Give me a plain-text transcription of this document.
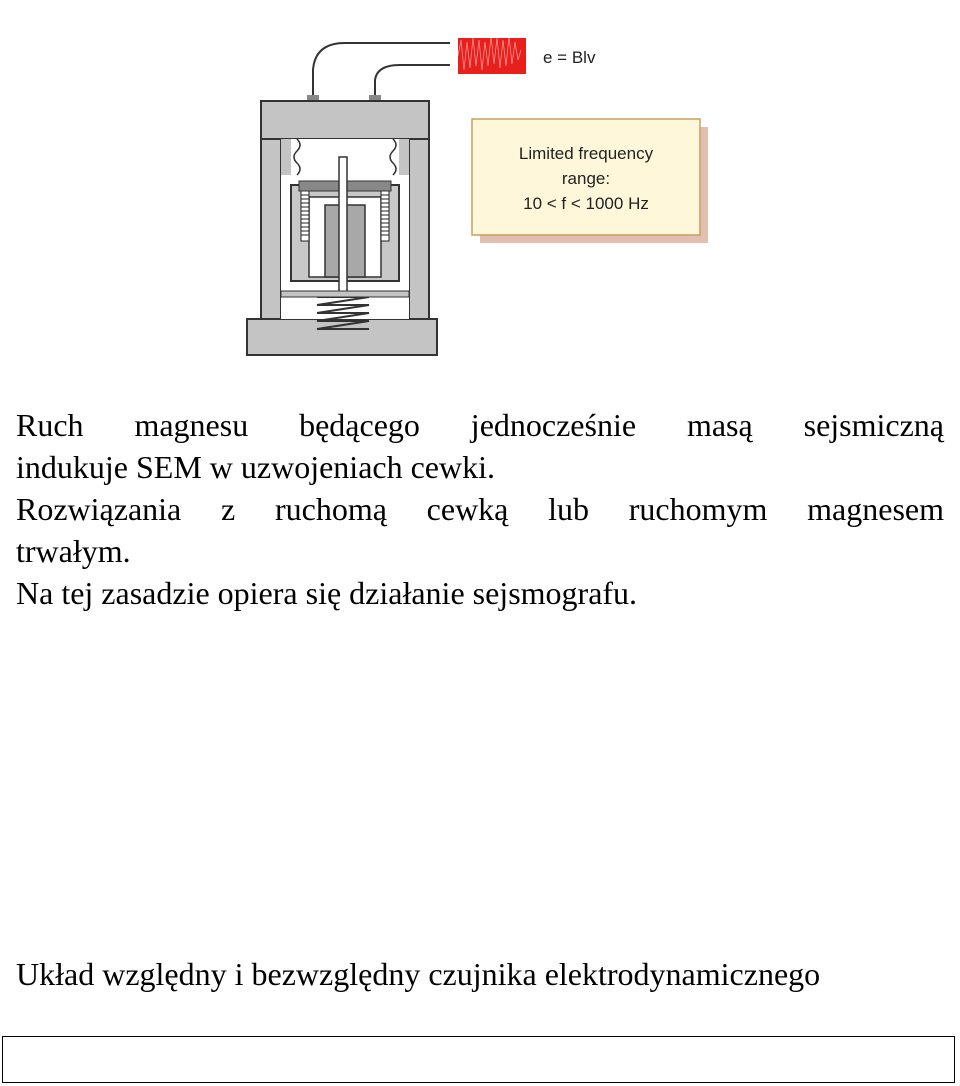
e = Blv
Limited frequency
range:
10 < f < 1000 Hz

Ruch magnesu będącego jednocześnie masą sejsmiczną

indukuje SEM w uzwojeniach cewki.

Rozwiązania z ruchomą cewką lub ruchomym magnesem

trwałym.

Na tej zasadzie opiera się działanie sejsmografu.

Układ względny i bezwzględny czujnika elektrodynamicznego
